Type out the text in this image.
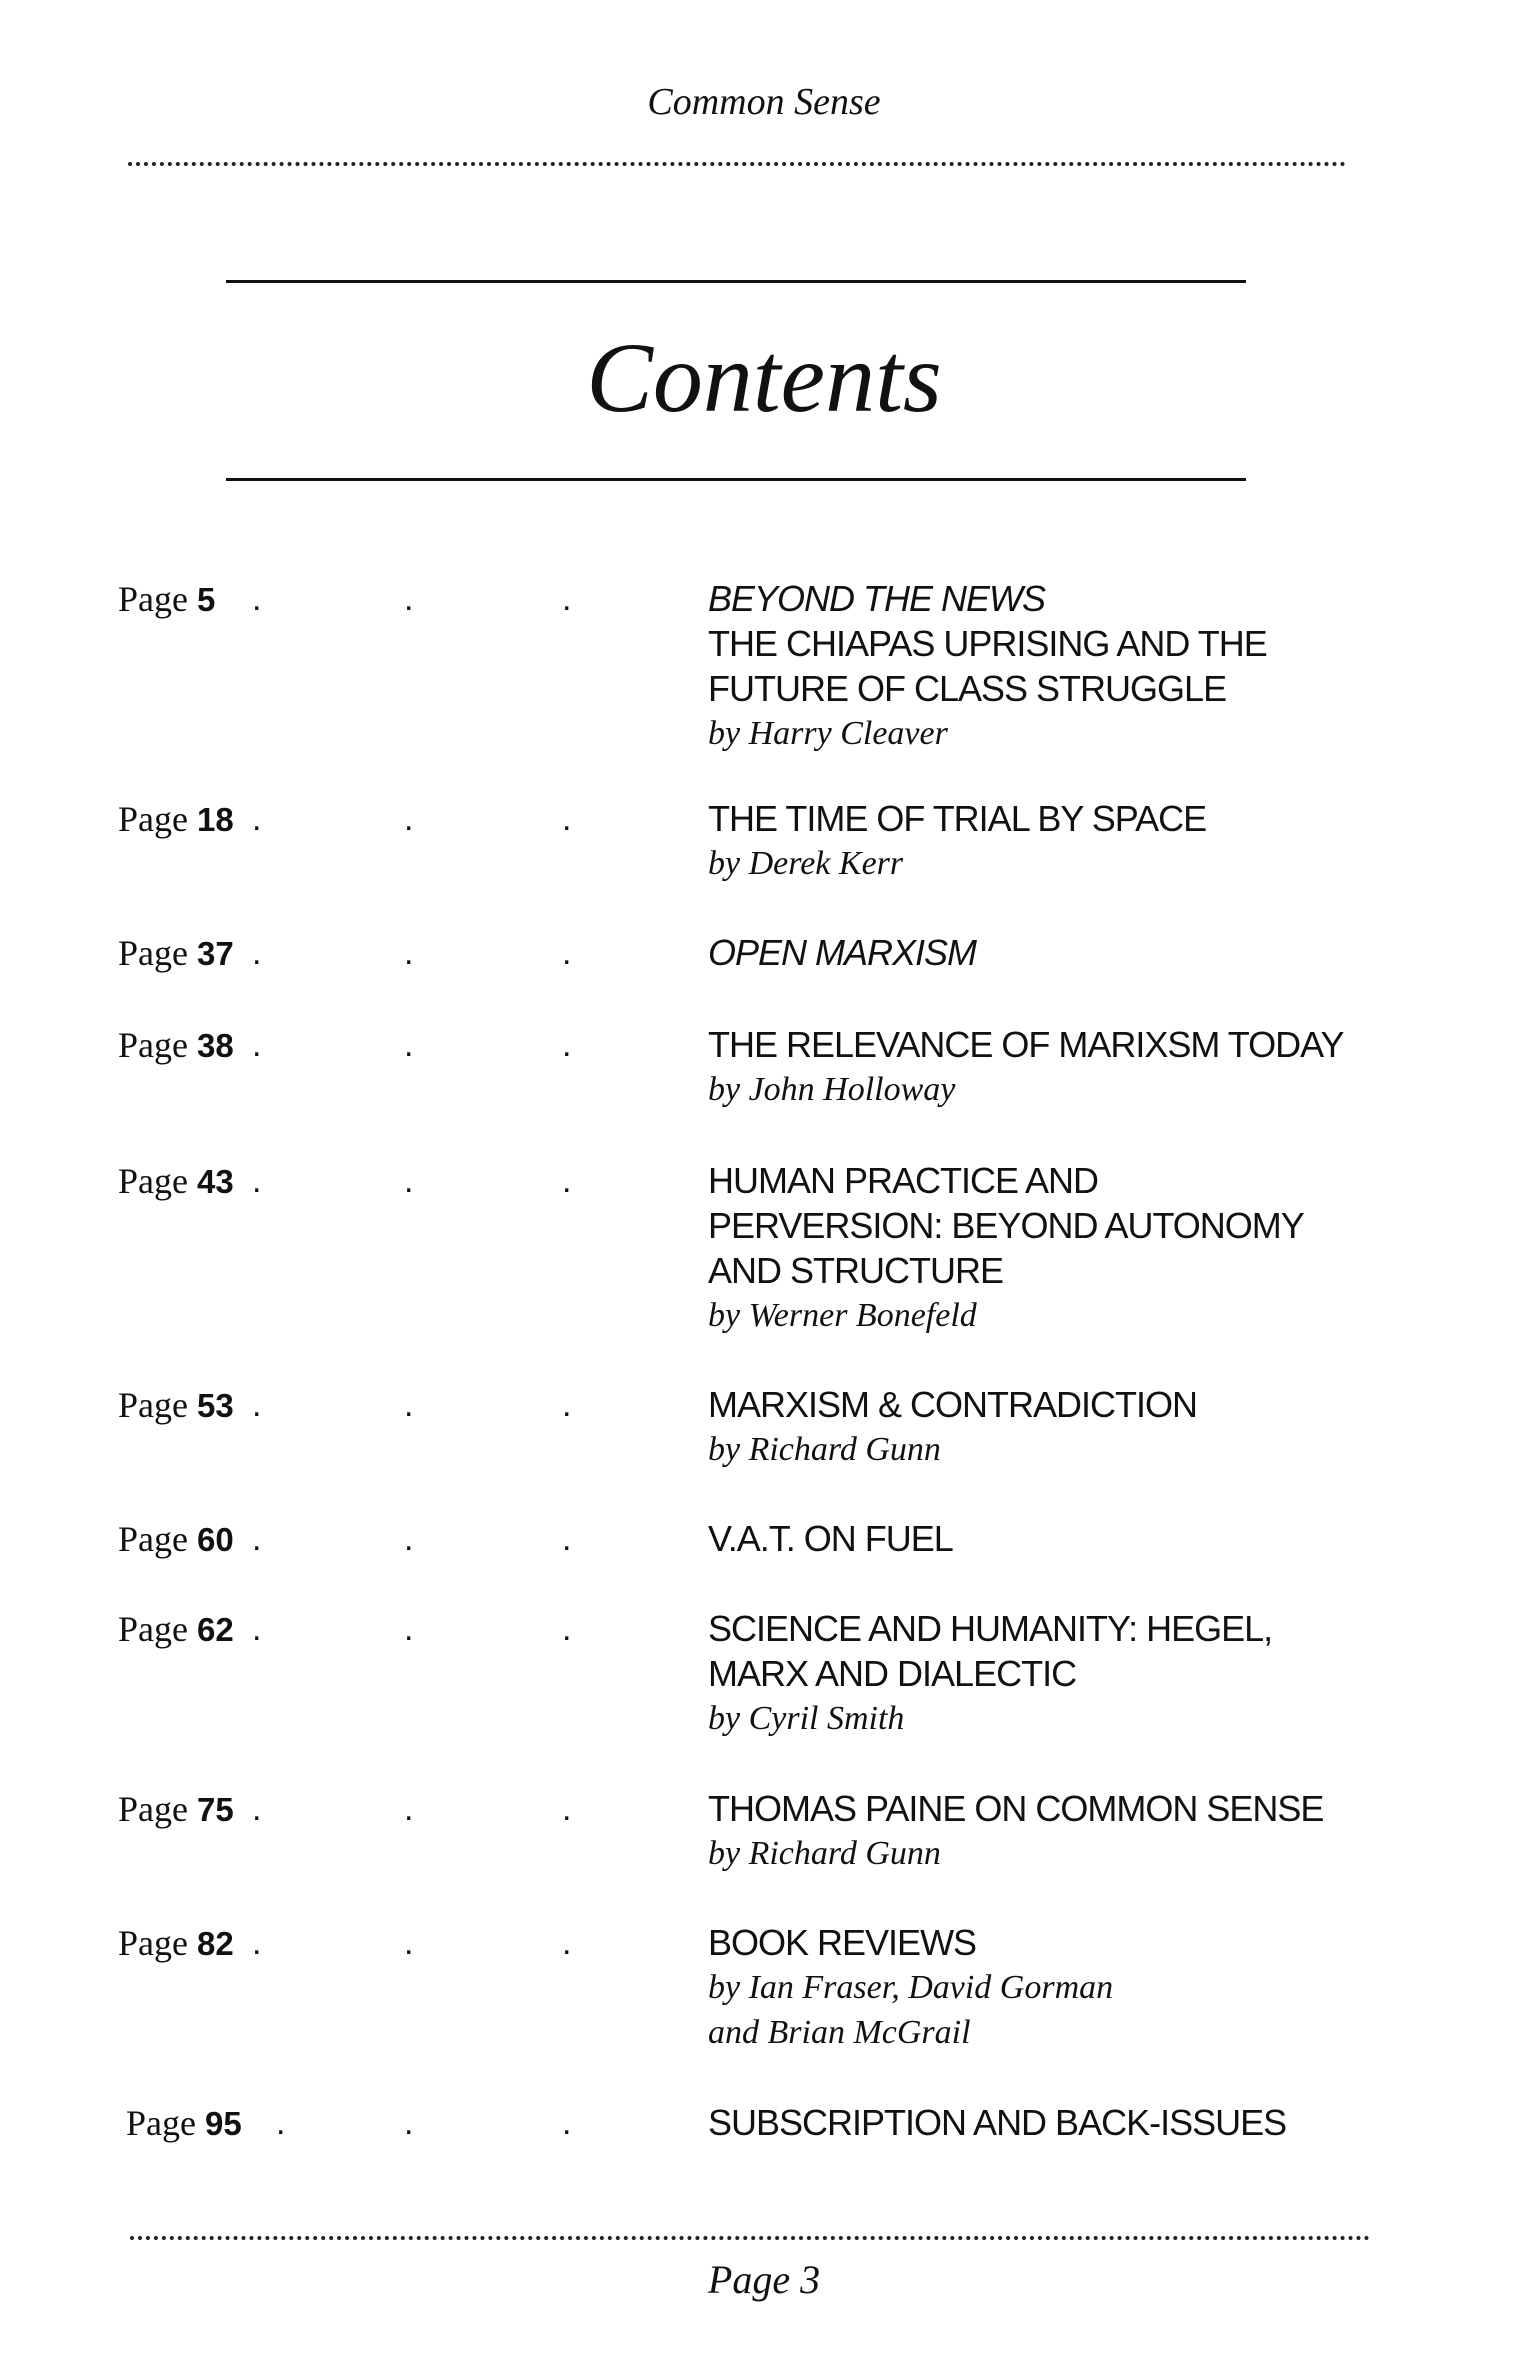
Common Sense
Contents
Page 5 .	.	.	BEYOND THE NEWS
THE CHIAPAS UPRISING AND THE
FUTURE OF CLASS STRUGGLE
by Harry Cleaver
Page 18 .	.	.	THE TIME OF TRIAL BY SPACE
by Derek Kerr
Page 37 .	.	.	OPEN MARXISM
Page 38 .	.	.	THE RELEVANCE OF MARIXSM TODAY
by John Holloway
Page 43 .	.	.	HUMAN PRACTICE AND
PERVERSION: BEYOND AUTONOMY
AND STRUCTURE
by Werner Bonefeld
Page 53 .	.	.	MARXISM & CONTRADICTION
by Richard Gunn
Page 60 .	.	.	V.A.T. ON FUEL
Page 62 .	.	.	SCIENCE AND HUMANITY: HEGEL,
MARX AND DIALECTIC
by Cyril Smith
Page 75 .	.	.	THOMAS PAINE ON COMMON SENSE
by Richard Gunn
Page 82 .	.	.	BOOK REVIEWS
by Ian Fraser, David Gorman
and Brian McGrail
Page 95 .	.	.	SUBSCRIPTION AND BACK-ISSUES
Page 3
